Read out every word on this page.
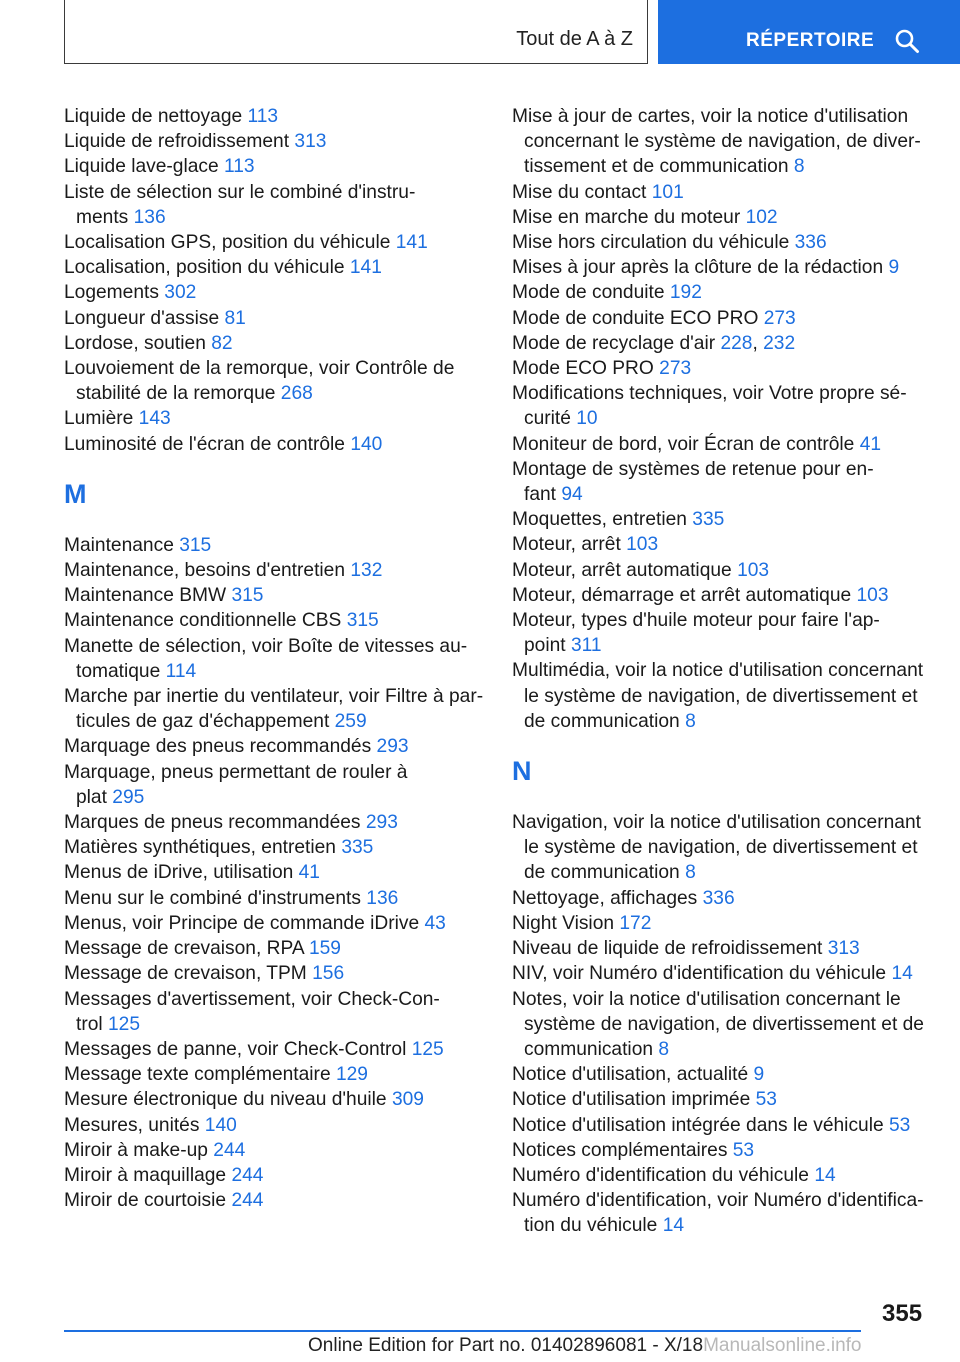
Tout de A à Z	RÉPERTOIRE
Liquide de nettoyage 113
Liquide de refroidissement 313
Liquide lave-glace 113
Liste de sélection sur le combiné d'instru-
ments 136
Localisation GPS, position du véhicule 141
Localisation, position du véhicule 141
Logements 302
Longueur d'assise 81
Lordose, soutien 82
Louvoiement de la remorque, voir Contrôle de
stabilité de la remorque 268
Lumière 143
Luminosité de l'écran de contrôle 140
M
Maintenance 315
Maintenance, besoins d'entretien 132
Maintenance BMW 315
Maintenance conditionnelle CBS 315
Manette de sélection, voir Boîte de vitesses au-
tomatique 114
Marche par inertie du ventilateur, voir Filtre à par-
ticules de gaz d'échappement 259
Marquage des pneus recommandés 293
Marquage, pneus permettant de rouler à
plat 295
Marques de pneus recommandées 293
Matières synthétiques, entretien 335
Menus de iDrive, utilisation 41
Menu sur le combiné d'instruments 136
Menus, voir Principe de commande iDrive 43
Message de crevaison, RPA 159
Message de crevaison, TPM 156
Messages d'avertissement, voir Check-Con-
trol 125
Messages de panne, voir Check-Control 125
Message texte complémentaire 129
Mesure électronique du niveau d'huile 309
Mesures, unités 140
Miroir à make-up 244
Miroir à maquillage 244
Miroir de courtoisie 244
Mise à jour de cartes, voir la notice d'utilisation
concernant le système de navigation, de diver-
tissement et de communication 8
Mise du contact 101
Mise en marche du moteur 102
Mise hors circulation du véhicule 336
Mises à jour après la clôture de la rédaction 9
Mode de conduite 192
Mode de conduite ECO PRO 273
Mode de recyclage d'air 228, 232
Mode ECO PRO 273
Modifications techniques, voir Votre propre sé-
curité 10
Moniteur de bord, voir Écran de contrôle 41
Montage de systèmes de retenue pour en-
fant 94
Moquettes, entretien 335
Moteur, arrêt 103
Moteur, arrêt automatique 103
Moteur, démarrage et arrêt automatique 103
Moteur, types d'huile moteur pour faire l'ap-
point 311
Multimédia, voir la notice d'utilisation concernant
le système de navigation, de divertissement et
de communication 8
N
Navigation, voir la notice d'utilisation concernant
le système de navigation, de divertissement et
de communication 8
Nettoyage, affichages 336
Night Vision 172
Niveau de liquide de refroidissement 313
NIV, voir Numéro d'identification du véhicule 14
Notes, voir la notice d'utilisation concernant le
système de navigation, de divertissement et de
communication 8
Notice d'utilisation, actualité 9
Notice d'utilisation imprimée 53
Notice d'utilisation intégrée dans le véhicule 53
Notices complémentaires 53
Numéro d'identification du véhicule 14
Numéro d'identification, voir Numéro d'identifica-
tion du véhicule 14
355
Online Edition for Part no. 01402896081 - X/18Manualsonline.info
